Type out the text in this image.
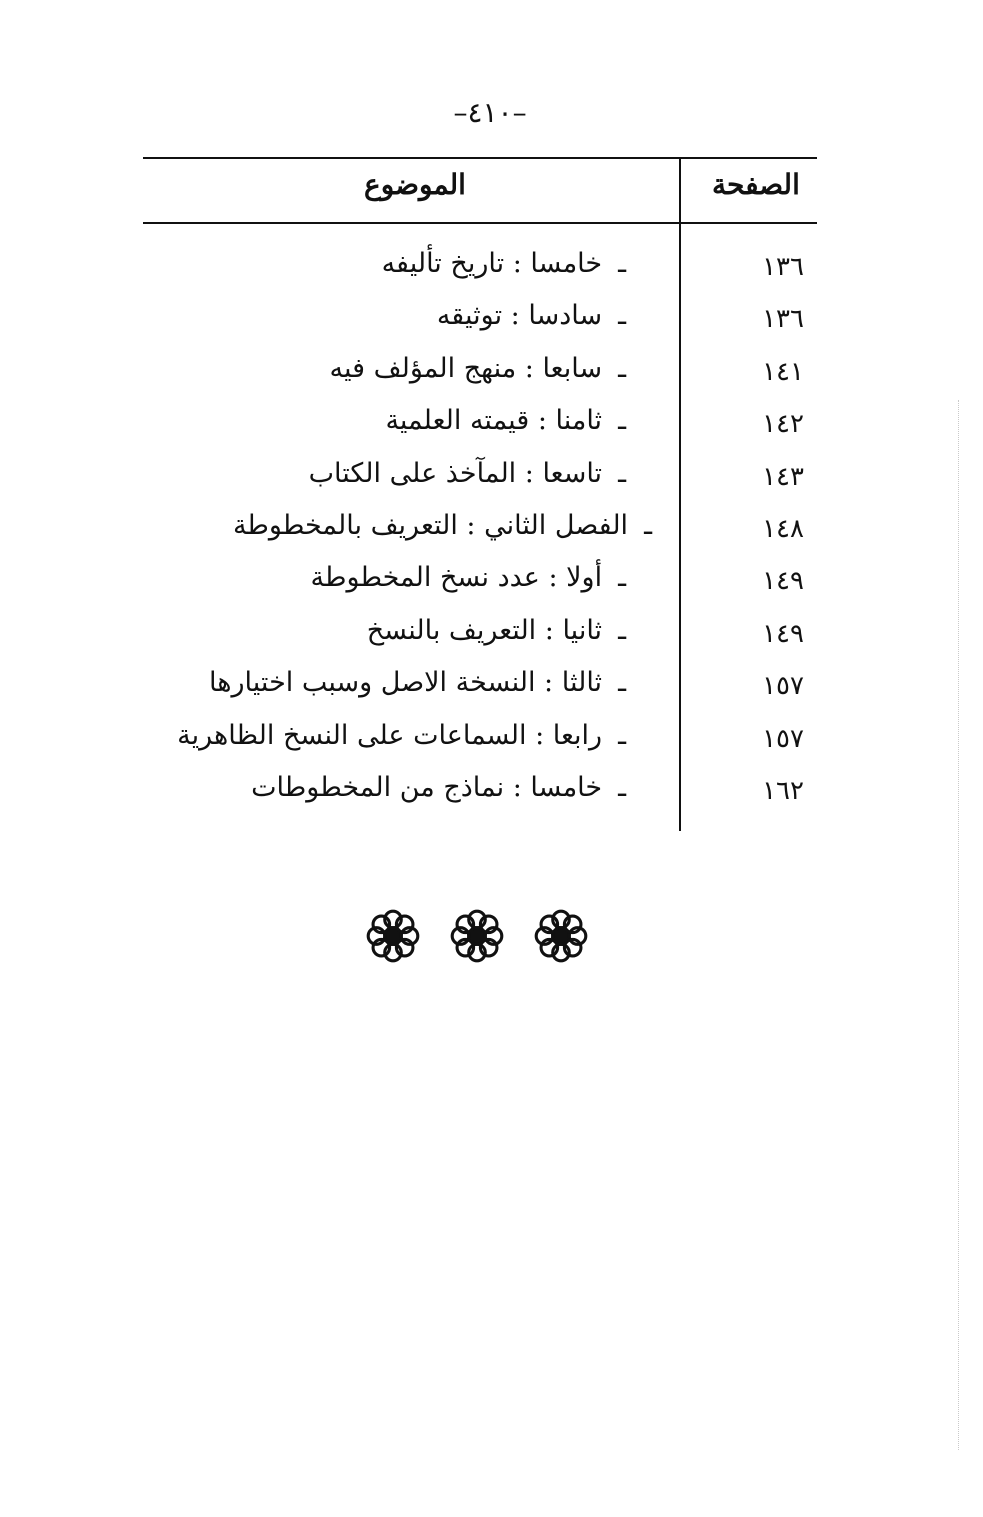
–٤١٠–
الصفحة
الموضوع
١٣٦
ـخامسا : تاريخ تأليفه
١٣٦
ـسادسا : توثيقه
١٤١
ـسابعا : منهج المؤلف فيه
١٤٢
ـثامنا : قيمته العلمية
١٤٣
ـتاسعا : المآخذ على الكتاب
١٤٨
ـالفصل الثاني : التعريف بالمخطوطة
١٤٩
ـأولا : عدد نسخ المخطوطة
١٤٩
ـثانيا : التعريف بالنسخ
١٥٧
ـثالثا : النسخة الاصل وسبب اختيارها
١٥٧
ـرابعا : السماعات على النسخ الظاهرية
١٦٢
ـخامسا : نماذج من المخطوطات
